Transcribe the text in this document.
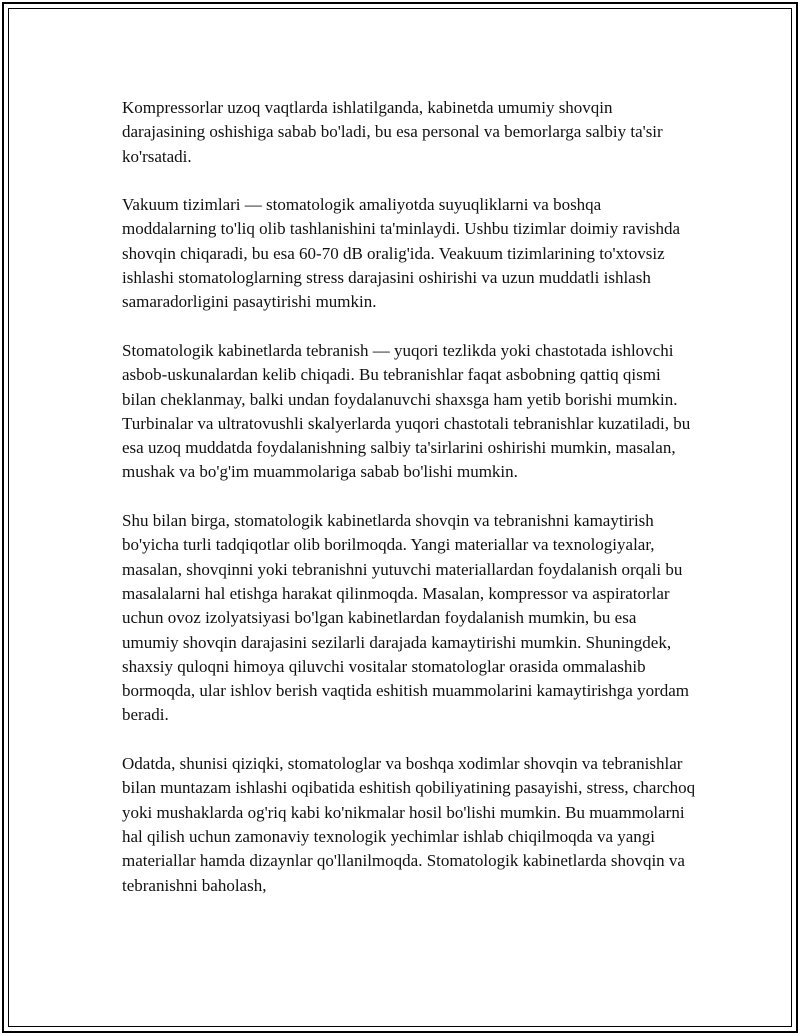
Kompressorlar uzoq vaqtlarda ishlatilganda, kabinetda umumiy shovqin darajasining oshishiga sabab bo'ladi, bu esa personal va bemorlarga salbiy ta'sir ko'rsatadi.

Vakuum tizimlari — stomatologik amaliyotda suyuqliklarni va boshqa moddalarning to'liq olib tashlanishini ta'minlaydi. Ushbu tizimlar doimiy ravishda shovqin chiqaradi, bu esa 60-70 dB oralig'ida. Veakuum tizimlarining to'xtovsiz ishlashi stomatologlarning stress darajasini oshirishi va uzun muddatli ishlash samaradorligini pasaytirishi mumkin.

Stomatologik kabinetlarda tebranish — yuqori tezlikda yoki chastotada ishlovchi asbob-uskunalardan kelib chiqadi. Bu tebranishlar faqat asbobning qattiq qismi bilan cheklanmay, balki undan foydalanuvchi shaxsga ham yetib borishi mumkin. Turbinalar va ultratovushli skalyerlarda yuqori chastotali tebranishlar kuzatiladi, bu esa uzoq muddatda foydalanishning salbiy ta'sirlarini oshirishi mumkin, masalan, mushak va bo'g'im muammolariga sabab bo'lishi mumkin.

Shu bilan birga, stomatologik kabinetlarda shovqin va tebranishni kamaytirish bo'yicha turli tadqiqotlar olib borilmoqda. Yangi materiallar va texnologiyalar, masalan, shovqinni yoki tebranishni yutuvchi materiallardan foydalanish orqali bu masalalarni hal etishga harakat qilinmoqda. Masalan, kompressor va aspiratorlar uchun ovoz izolyatsiyasi bo'lgan kabinetlardan foydalanish mumkin, bu esa umumiy shovqin darajasini sezilarli darajada kamaytirishi mumkin. Shuningdek, shaxsiy quloqni himoya qiluvchi vositalar stomatologlar orasida ommalashib bormoqda, ular ishlov berish vaqtida eshitish muammolarini kamaytirishga yordam beradi.

Odatda, shunisi qiziqki, stomatologlar va boshqa xodimlar shovqin va tebranishlar bilan muntazam ishlashi oqibatida eshitish qobiliyatining pasayishi, stress, charchoq yoki mushaklarda og'riq kabi ko'nikmalar hosil bo'lishi mumkin. Bu muammolarni hal qilish uchun zamonaviy texnologik yechimlar ishlab chiqilmoqda va yangi materiallar hamda dizaynlar qo'llanilmoqda. Stomatologik kabinetlarda shovqin va tebranishni baholash,
